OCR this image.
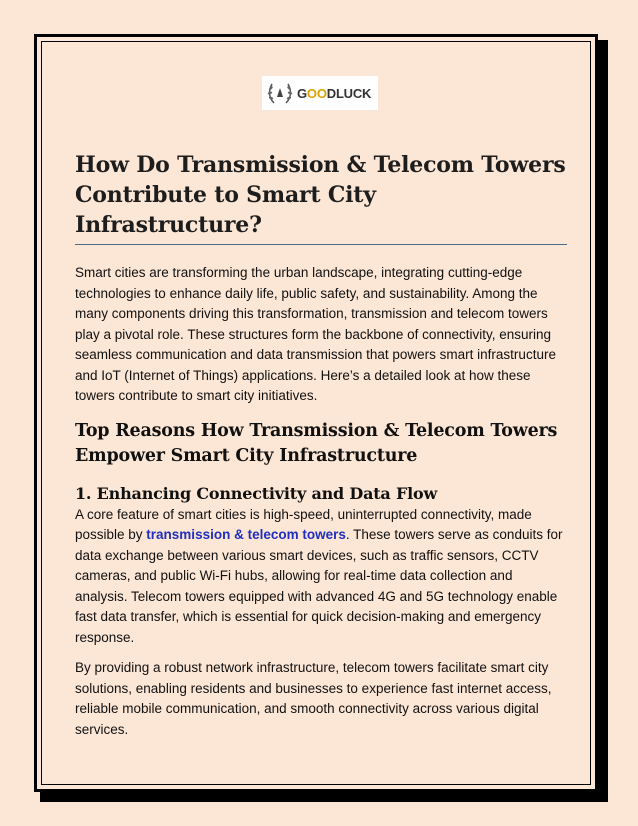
GOODLUCK
How Do Transmission & Telecom Towers Contribute to Smart City Infrastructure?

Smart cities are transforming the urban landscape, integrating cutting-edge technologies to enhance daily life, public safety, and sustainability. Among the many components driving this transformation, transmission and telecom towers play a pivotal role. These structures form the backbone of connectivity, ensuring seamless communication and data transmission that powers smart infrastructure and IoT (Internet of Things) applications. Here’s a detailed look at how these towers contribute to smart city initiatives.

Top Reasons How Transmission & Telecom Towers Empower Smart City Infrastructure
1. Enhancing Connectivity and Data Flow

A core feature of smart cities is high-speed, uninterrupted connectivity, made possible by transmission & telecom towers. These towers serve as conduits for data exchange between various smart devices, such as traffic sensors, CCTV cameras, and public Wi-Fi hubs, allowing for real-time data collection and analysis. Telecom towers equipped with advanced 4G and 5G technology enable fast data transfer, which is essential for quick decision-making and emergency response.

By providing a robust network infrastructure, telecom towers facilitate smart city solutions, enabling residents and businesses to experience fast internet access, reliable mobile communication, and smooth connectivity across various digital services.
